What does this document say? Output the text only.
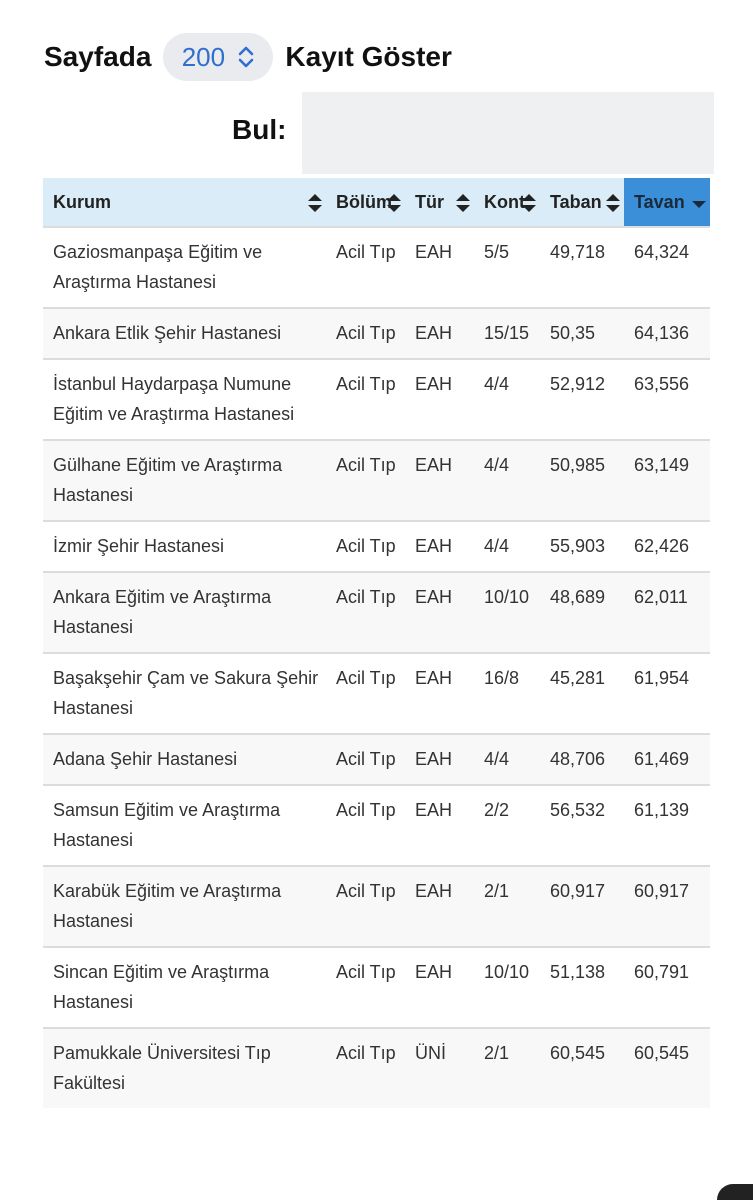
Sayfada 200 Kayıt Göster
Bul:
Kurum	Bölüm	Tür	Kont	Taban	Tavan

Gaziosmanpaşa Eğitim ve Araştırma Hastanesi	Acil Tıp	EAH	5/5	49,718	64,324
Ankara Etlik Şehir Hastanesi	Acil Tıp	EAH	15/15	50,35	64,136
İstanbul Haydarpaşa Numune Eğitim ve Araştırma Hastanesi	Acil Tıp	EAH	4/4	52,912	63,556
Gülhane Eğitim ve Araştırma Hastanesi	Acil Tıp	EAH	4/4	50,985	63,149
İzmir Şehir Hastanesi	Acil Tıp	EAH	4/4	55,903	62,426
Ankara Eğitim ve Araştırma Hastanesi	Acil Tıp	EAH	10/10	48,689	62,011
Başakşehir Çam ve Sakura Şehir Hastanesi	Acil Tıp	EAH	16/8	45,281	61,954
Adana Şehir Hastanesi	Acil Tıp	EAH	4/4	48,706	61,469
Samsun Eğitim ve Araştırma Hastanesi	Acil Tıp	EAH	2/2	56,532	61,139
Karabük Eğitim ve Araştırma Hastanesi	Acil Tıp	EAH	2/1	60,917	60,917
Sincan Eğitim ve Araştırma Hastanesi	Acil Tıp	EAH	10/10	51,138	60,791
Pamukkale Üniversitesi Tıp Fakültesi	Acil Tıp	ÜNİ	2/1	60,545	60,545
